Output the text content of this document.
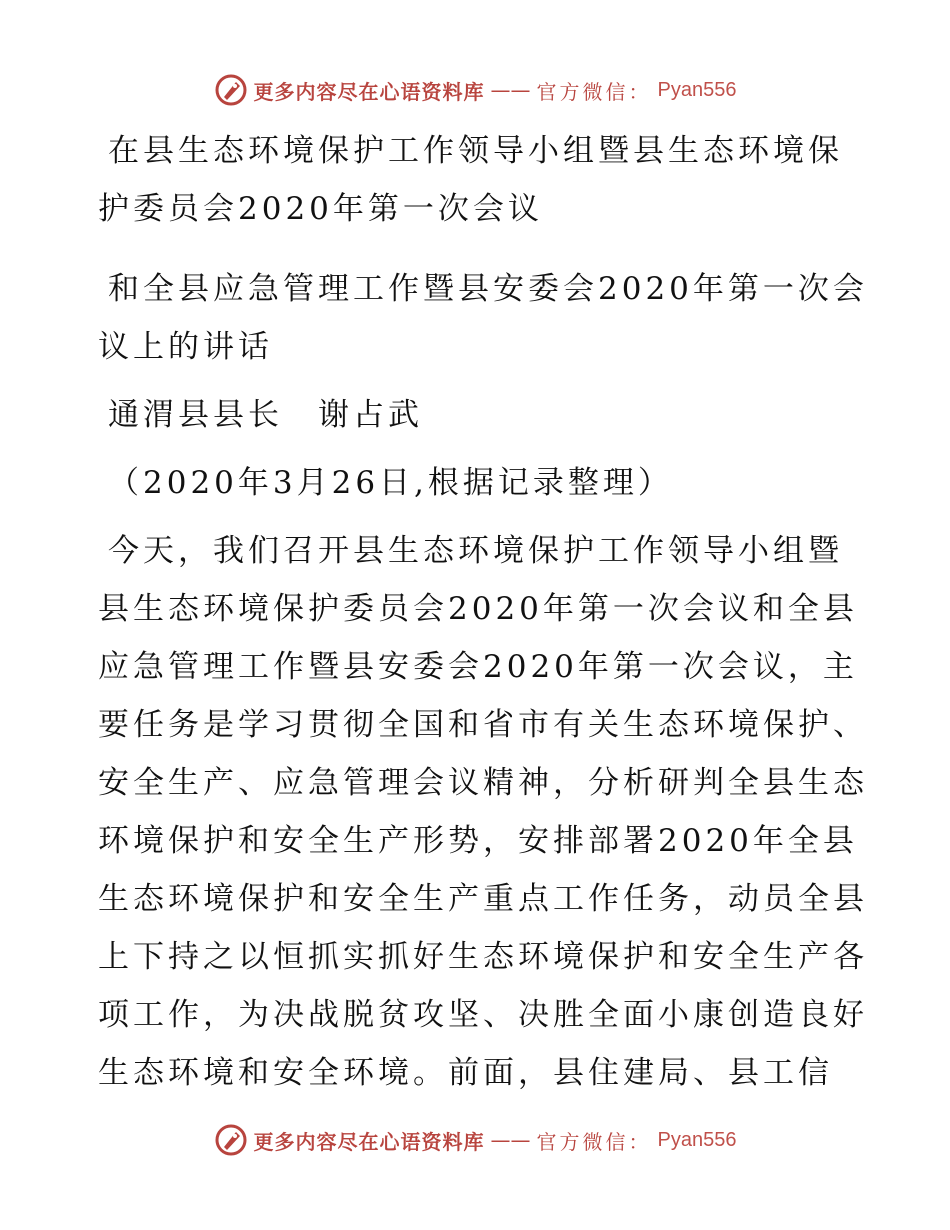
更多内容尽在心语资料库 —— 官方微信： Pyan556
在县生态环境保护工作领导小组暨县生态环境保
护委员会2020年第一次会议
和全县应急管理工作暨县安委会2020年第一次会
议上的讲话
通渭县县长　谢占武
（2020年3月26日,根据记录整理）
今天，我们召开县生态环境保护工作领导小组暨
县生态环境保护委员会2020年第一次会议和全县
应急管理工作暨县安委会2020年第一次会议，主
要任务是学习贯彻全国和省市有关生态环境保护、
安全生产、应急管理会议精神，分析研判全县生态
环境保护和安全生产形势，安排部署2020年全县
生态环境保护和安全生产重点工作任务，动员全县
上下持之以恒抓实抓好生态环境保护和安全生产各
项工作，为决战脱贫攻坚、决胜全面小康创造良好
生态环境和安全环境。前面，县住建局、县工信
更多内容尽在心语资料库 —— 官方微信： Pyan556
